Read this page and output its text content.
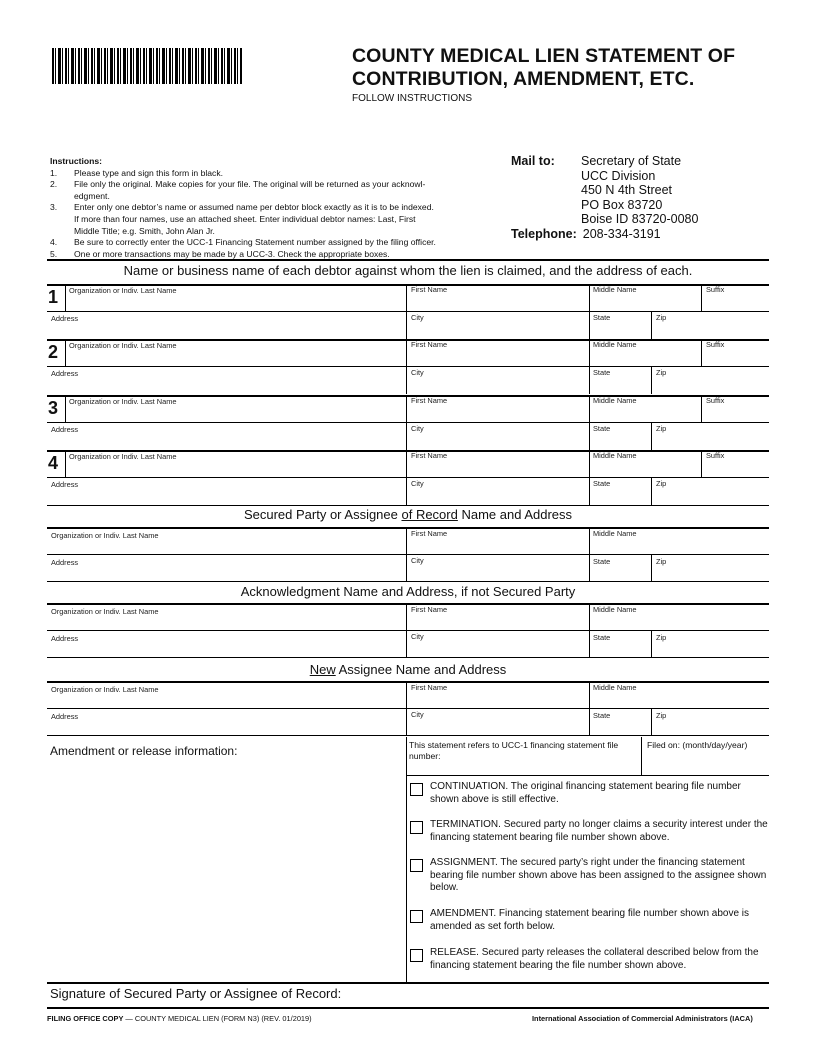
COUNTY MEDICAL LIEN STATEMENT OF
CONTRIBUTION, AMENDMENT, ETC.
FOLLOW INSTRUCTIONS
Instructions:
1.	Please type and sign this form in black.
2.	File only the original. Make copies for your file. The original will be returned as your acknowl-
edgment.
3.	Enter only one debtor’s name or assumed name per debtor block exactly as it is to be indexed.
If more than four names, use an attached sheet. Enter individual debtor names: Last, First
Middle Title; e.g. Smith, John Alan Jr.
4.	Be sure to correctly enter the UCC-1 Financing Statement number assigned by the filing officer.
5.	One or more transactions may be made by a UCC-3. Check the appropriate boxes.
Mail to: Secretary of State
UCC Division
450 N 4th Street
PO Box 83720
Boise ID 83720-0080
Telephone: 208-334-3191
Name or business name of each debtor against whom the lien is claimed, and the address of each.
1 Organization or Indiv. Last Name	First Name	Middle Name	Suffix
Address	City	State	Zip
2 Organization or Indiv. Last Name	First Name	Middle Name	Suffix
Address	City	State	Zip
3 Organization or Indiv. Last Name	First Name	Middle Name	Suffix
Address	City	State	Zip
4 Organization or Indiv. Last Name	First Name	Middle Name	Suffix
Address	City	State	Zip
Secured Party or Assignee of Record Name and Address
Organization or Indiv. Last Name	First Name	Middle Name
Address	City	State	Zip
Acknowledgment Name and Address, if not Secured Party
Organization or Indiv. Last Name	First Name	Middle Name
Address	City	State	Zip
New Assignee Name and Address
Organization or Indiv. Last Name	First Name	Middle Name
Address	City	State	Zip
Amendment or release information:	This statement refers to UCC-1 financing statement file number:
Filed on: (month/day/year)
CONTINUATION. The original financing statement bearing file number shown above is still effective.
TERMINATION. Secured party no longer claims a security interest under the financing statement bearing file number shown above.
ASSIGNMENT. The secured party’s right under the financing statement bearing file number shown above has been assigned to the assignee shown below.
AMENDMENT. Financing statement bearing file number shown above is amended as set forth below.
RELEASE. Secured party releases the collateral described below from the financing statement bearing the file number shown above.
Signature of Secured Party or Assignee of Record:
FILING OFFICE COPY — COUNTY MEDICAL LIEN (FORM N3) (REV. 01/2019)	International Association of Commercial Administrators (IACA)
